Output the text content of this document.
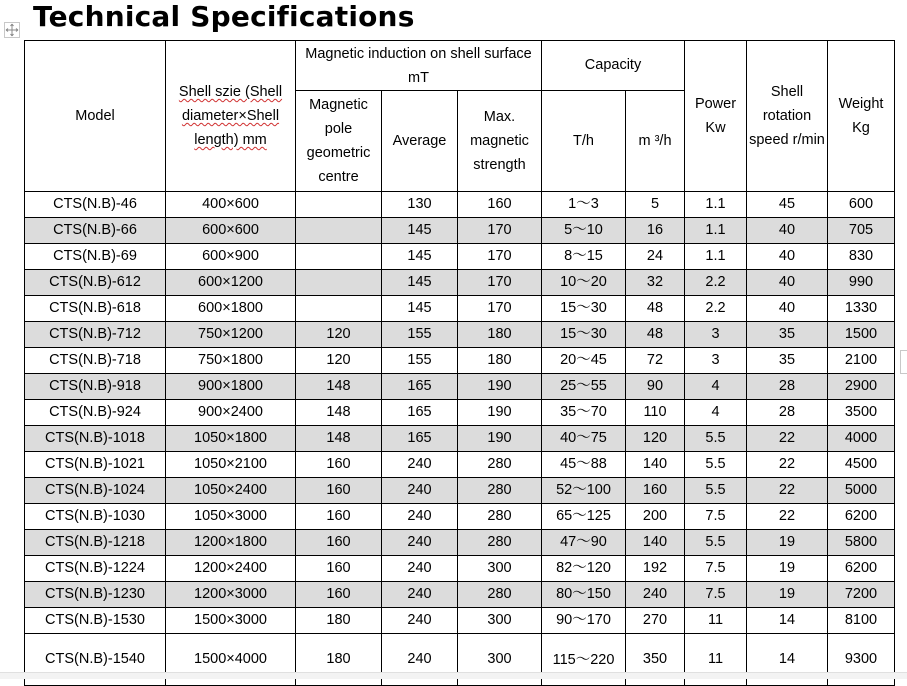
Technical Specifications
Model	Shell szie (Shell diameter×Shell length) mm	Magnetic induction on shell surface mT			Capacity		Power Kw	Shell rotation speed r/min	Weight Kg
		Magnetic pole geometric centre	Average	Max. magnetic strength	T/h	m ³/h			
CTS(N.B)-46	400×600		130	160	1～3	5	1.1	45	600
CTS(N.B)-66	600×600		145	170	5～10	16	1.1	40	705
CTS(N.B)-69	600×900		145	170	8～15	24	1.1	40	830
CTS(N.B)-612	600×1200		145	170	10～20	32	2.2	40	990
CTS(N.B)-618	600×1800		145	170	15～30	48	2.2	40	1330
CTS(N.B)-712	750×1200	120	155	180	15～30	48	3	35	1500
CTS(N.B)-718	750×1800	120	155	180	20～45	72	3	35	2100
CTS(N.B)-918	900×1800	148	165	190	25～55	90	4	28	2900
CTS(N.B)-924	900×2400	148	165	190	35～70	110	4	28	3500
CTS(N.B)-1018	1050×1800	148	165	190	40～75	120	5.5	22	4000
CTS(N.B)-1021	1050×2100	160	240	280	45～88	140	5.5	22	4500
CTS(N.B)-1024	1050×2400	160	240	280	52～100	160	5.5	22	5000
CTS(N.B)-1030	1050×3000	160	240	280	65～125	200	7.5	22	6200
CTS(N.B)-1218	1200×1800	160	240	280	47～90	140	5.5	19	5800
CTS(N.B)-1224	1200×2400	160	240	300	82～120	192	7.5	19	6200
CTS(N.B)-1230	1200×3000	160	240	280	80～150	240	7.5	19	7200
CTS(N.B)-1530	1500×3000	180	240	300	90～170	270	11	14	8100
CTS(N.B)-1540	1500×4000	180	240	300	115～220	350	11	14	9300
